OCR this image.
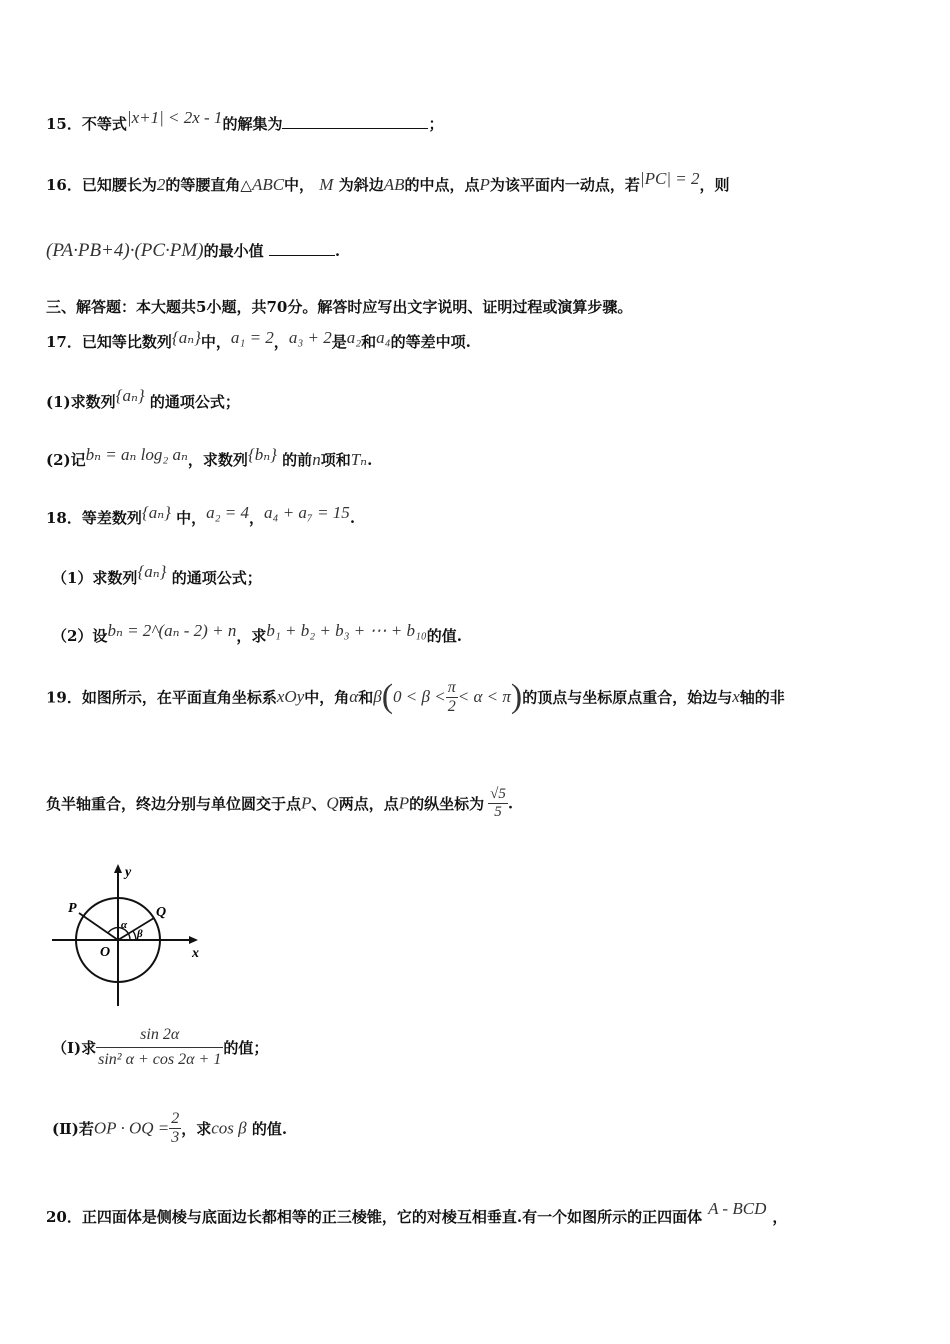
15．不等式|x+1| < 2x - 1的解集为	；
16．已知腰长为2的等腰直角△ABC中， M 为斜边AB的中点，点P为该平面内一动点，若|PC| = 2，则
(PA·PB+4)·(PC·PM)的最小值	.
三、解答题：本大题共5小题，共70分。解答时应写出文字说明、证明过程或演算步骤。
17．已知等比数列{aₙ}中，a₁ = 2，a₃ + 2是a₂和a₄的等差中项.
(1)求数列{aₙ} 的通项公式；
(2)记bₙ = aₙ log₂ aₙ，求数列{bₙ} 的前n项和Tₙ.
18．等差数列{aₙ} 中，a₂ = 4，a₄ + a₇ = 15.
（1）求数列{aₙ} 的通项公式；
（2）设bₙ = 2^(aₙ - 2) + n，求b₁ + b₂ + b₃ + ⋯ + b₁₀的值.
19．如图所示，在平面直角坐标系xOy中，角α和$\beta(0 < \beta < \frac{\pi}{2} < \alpha < \pi)$的顶点与坐标原点重合，始边与x轴的非
负半轴重合，终边分别与单位圆交于点P、Q两点，点P的纵坐标为 $\frac{√5}{5}$ .
y
x
O
P	Q
α
β
（Ⅰ)求 $\frac{\sin 2\alpha}{\text{sin² α + cos 2α + 1}}$ 的值；
(Ⅱ)若OP · OQ = $\frac{2}{3}$ ，求cos β 的值.
20．正四面体是侧棱与底面边长都相等的正三棱锥，它的对棱互相垂直.有一个如图所示的正四面体 A - BCD ，
